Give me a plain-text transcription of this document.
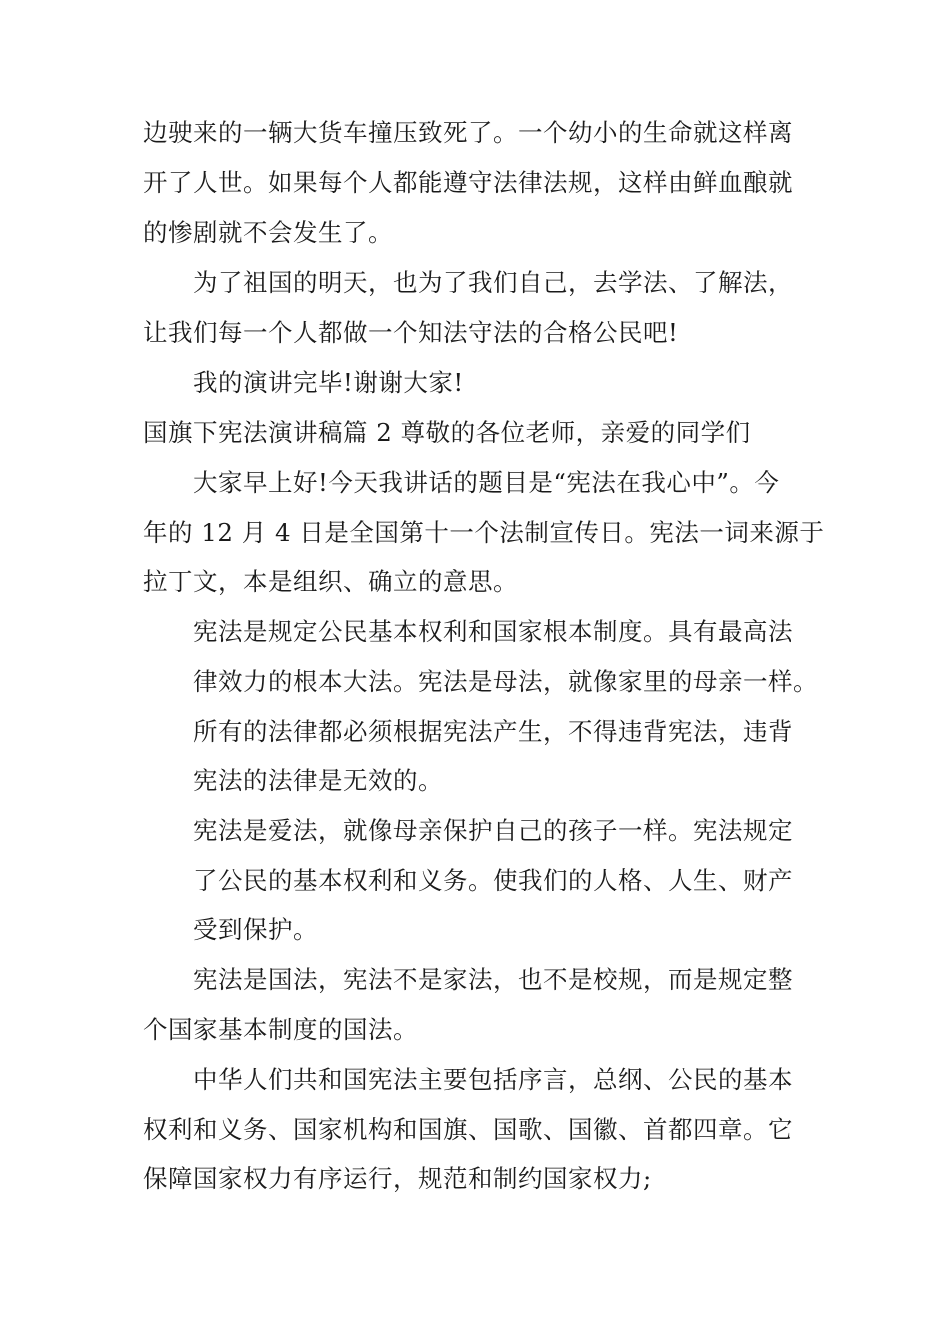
边驶来的一辆大货车撞压致死了。一个幼小的生命就这样离
开了人世。如果每个人都能遵守法律法规，这样由鲜血酿就
的惨剧就不会发生了。
为了祖国的明天，也为了我们自己，去学法、了解法，
让我们每一个人都做一个知法守法的合格公民吧!
我的演讲完毕!谢谢大家!
国旗下宪法演讲稿篇 2 尊敬的各位老师，亲爱的同学们
大家早上好!今天我讲话的题目是“宪法在我心中”。今
年的 12 月 4 日是全国第十一个法制宣传日。宪法一词来源于
拉丁文，本是组织、确立的意思。
宪法是规定公民基本权利和国家根本制度。具有最高法
律效力的根本大法。宪法是母法，就像家里的母亲一样。
所有的法律都必须根据宪法产生，不得违背宪法，违背
宪法的法律是无效的。
宪法是爱法，就像母亲保护自己的孩子一样。宪法规定
了公民的基本权利和义务。使我们的人格、人生、财产
受到保护。
宪法是国法，宪法不是家法，也不是校规，而是规定整
个国家基本制度的国法。
中华人们共和国宪法主要包括序言，总纲、公民的基本
权利和义务、国家机构和国旗、国歌、国徽、首都四章。它
保障国家权力有序运行，规范和制约国家权力;
